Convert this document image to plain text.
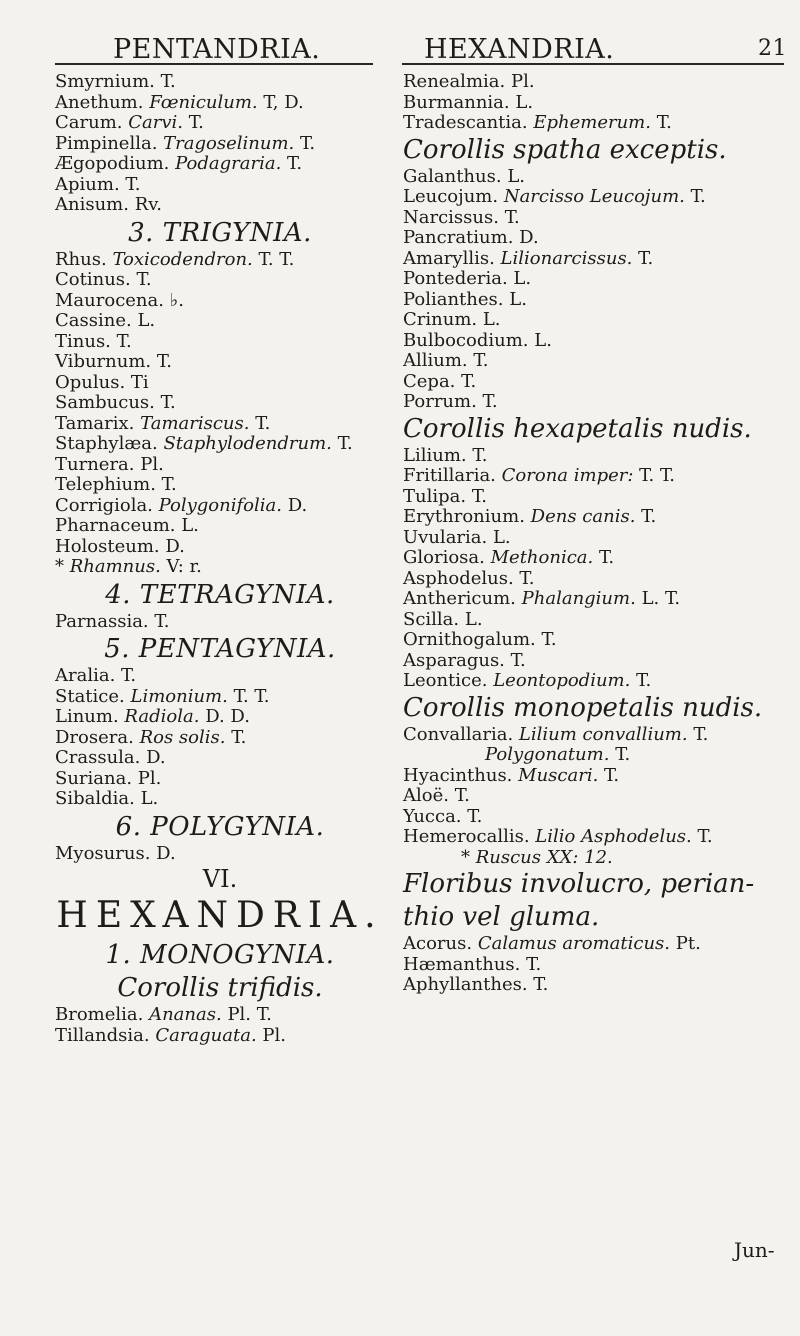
PENTANDRIA.	HEXANDRIA.	21
Smyrnium. T.
Anethum. Fœniculum. T, D.
Carum. Carvi. T.
Pimpinella. Tragoselinum. T.
Ægopodium. Podagraria. T.
Apium. T.
Anisum. Rv.
3. TRIGYNIA.
Rhus. Toxicodendron. T. T.
Cotinus. T.
Maurocena. ♭.
Cassine. L.
Tinus. T.
Viburnum. T.
Opulus. Ti
Sambucus. T.
Tamarix. Tamariscus. T.
Staphylæa. Staphylodendrum. T.
Turnera. Pl.
Telephium. T.
Corrigiola. Polygonifolia. D.
Pharnaceum. L.
Holosteum. D.
* Rhamnus. V: r.
4. TETRAGYNIA.
Parnassia. T.
5. PENTAGYNIA.
Aralia. T.
Statice. Limonium. T. T.
Linum. Radiola. D. D.
Drosera. Ros solis. T.
Crassula. D.
Suriana. Pl.
Sibaldia. L.
6. POLYGYNIA.
Myosurus. D.
VI.
HEXANDRIA.
1. MONOGYNIA.
Corollis trifidis.
Bromelia. Ananas. Pl. T.
Tillandsia. Caraguata. Pl.
Renealmia. Pl.
Burmannia. L.
Tradescantia. Ephemerum. T.
Corollis spatha exceptis.
Galanthus. L.
Leucojum. Narcisso Leucojum. T.
Narcissus. T.
Pancratium. D.
Amaryllis. Lilionarcissus. T.
Pontederia. L.
Polianthes. L.
Crinum. L.
Bulbocodium. L.
Allium. T.
Cepa. T.
Porrum. T.
Corollis hexapetalis nudis.
Lilium. T.
Fritillaria. Corona imper: T. T.
Tulipa. T.
Erythronium. Dens canis. T.
Uvularia. L.
Gloriosa. Methonica. T.
Asphodelus. T.
Anthericum. Phalangium. L. T.
Scilla. L.
Ornithogalum. T.
Asparagus. T.
Leontice. Leontopodium. T.
Corollis monopetalis nudis.
Convallaria. Lilium convallium. T.
Polygonatum. T.
Hyacinthus. Muscari. T.
Aloë. T.
Yucca. T.
Hemerocallis. Lilio Asphodelus. T.
* Ruscus XX: 12.
Floribus involucro, perian-
thio vel gluma.
Acorus. Calamus aromaticus. Pt.
Hæmanthus. T.
Aphyllanthes. T.
Jun-
